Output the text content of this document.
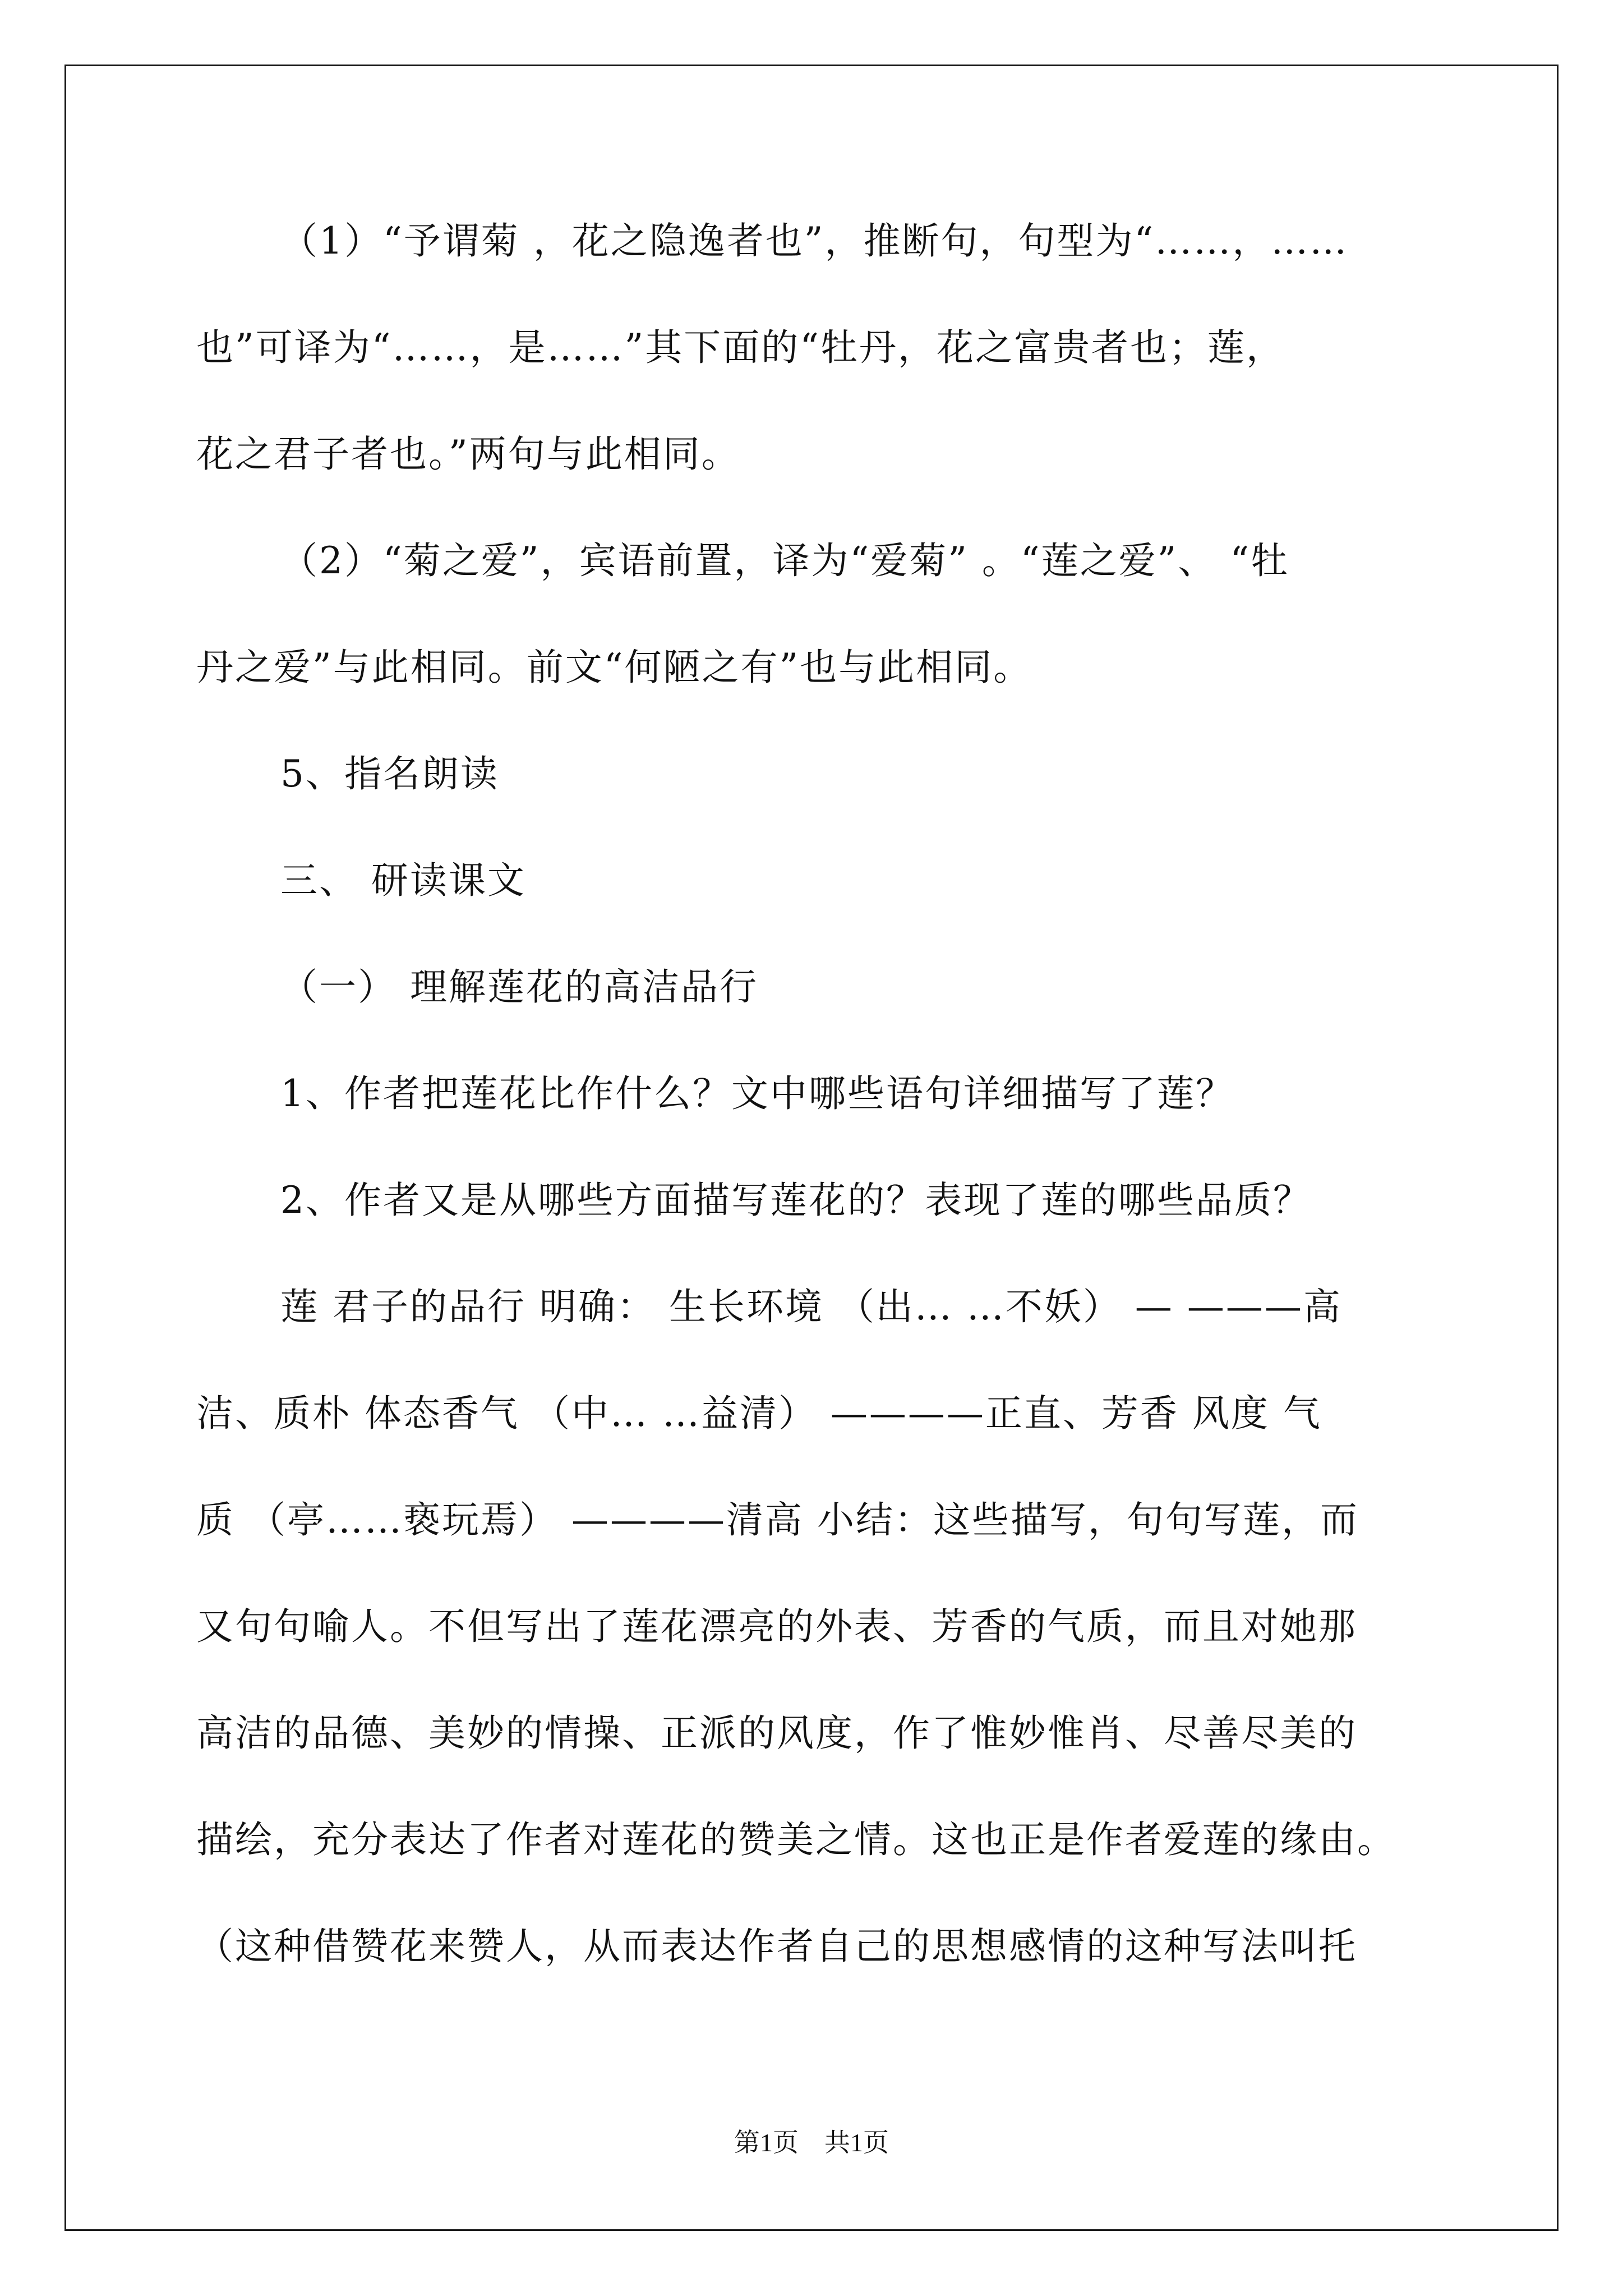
（1）“予谓菊 ，花之隐逸者也”，推断句，句型为“……，……
也”可译为“……，是……”其下面的“牡丹，花之富贵者也；莲，
花之君子者也。”两句与此相同。
（2）“菊之爱”，宾语前置，译为“爱菊” 。“莲之爱”、 “牡
丹之爱”与此相同。前文“何陋之有”也与此相同。
5、指名朗读
三、 研读课文
（一） 理解莲花的高洁品行
1、作者把莲花比作什么？文中哪些语句详细描写了莲？
2、作者又是从哪些方面描写莲花的？表现了莲的哪些品质？
莲 君子的品行 明确： 生长环境 （出… …不妖） — ———高
洁、质朴 体态香气 （中… …益清） ————正直、芳香 风度 气
质 （亭……亵玩焉） ————清高 小结：这些描写，句句写莲，而
又句句喻人。不但写出了莲花漂亮的外表、芳香的气质，而且对她那
高洁的品德、美妙的情操、正派的风度，作了惟妙惟肖、尽善尽美的
描绘，充分表达了作者对莲花的赞美之情。这也正是作者爱莲的缘由。
（这种借赞花来赞人，从而表达作者自己的思想感情的这种写法叫托
第1页　共1页
